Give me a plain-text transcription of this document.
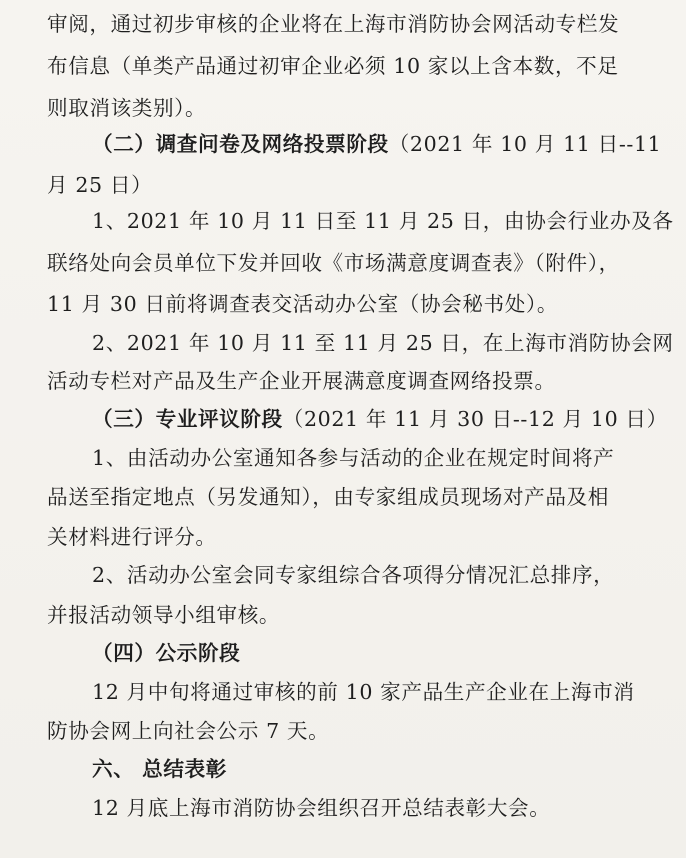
审阅，通过初步审核的企业将在上海市消防协会网活动专栏发
布信息（单类产品通过初审企业必须 10 家以上含本数，不足
则取消该类别）。
（二）调查问卷及网络投票阶段（2021 年 10 月 11 日--11
月 25 日）
1、2021 年 10 月 11 日至 11 月 25 日，由协会行业办及各
联络处向会员单位下发并回收《市场满意度调查表》（附件），
11 月 30 日前将调查表交活动办公室（协会秘书处）。
2、2021 年 10 月 11 至 11 月 25 日，在上海市消防协会网
活动专栏对产品及生产企业开展满意度调查网络投票。
（三）专业评议阶段（2021 年 11 月 30 日--12 月 10 日）
1、由活动办公室通知各参与活动的企业在规定时间将产
品送至指定地点（另发通知），由专家组成员现场对产品及相
关材料进行评分。
2、活动办公室会同专家组综合各项得分情况汇总排序，
并报活动领导小组审核。
（四）公示阶段
12 月中旬将通过审核的前 10 家产品生产企业在上海市消
防协会网上向社会公示 7 天。
六、 总结表彰
12 月底上海市消防协会组织召开总结表彰大会。
